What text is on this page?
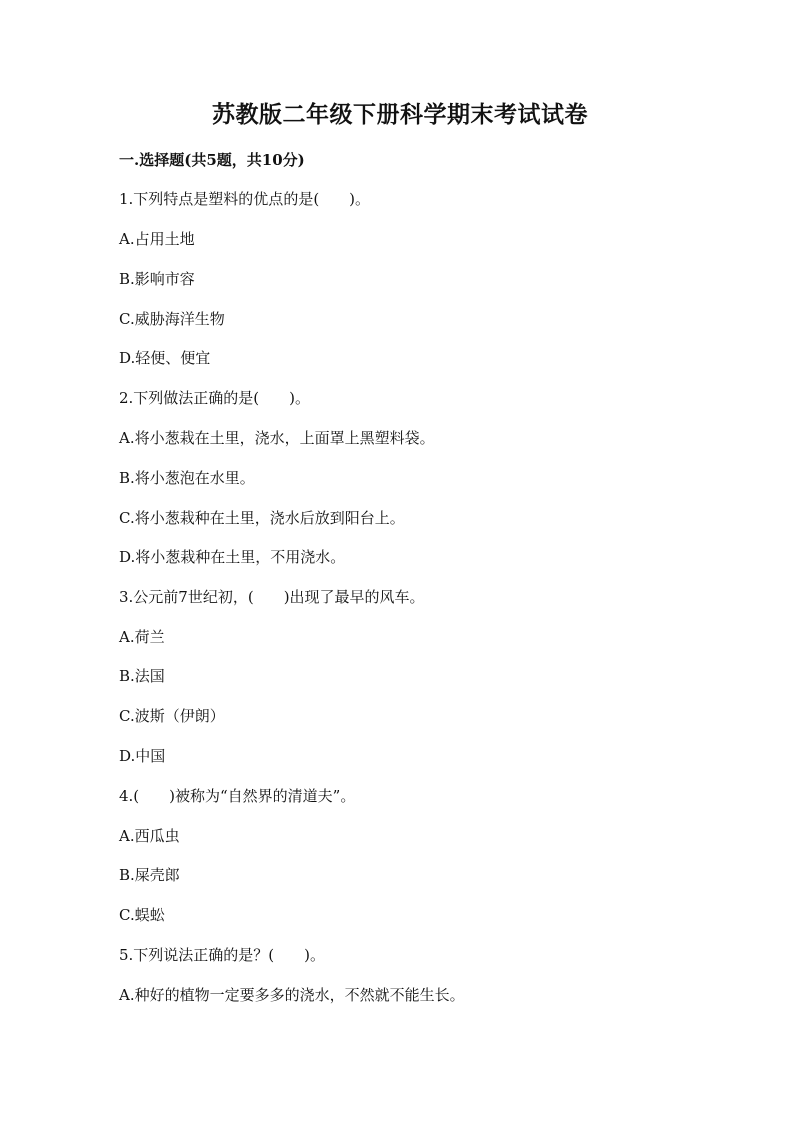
苏教版二年级下册科学期末考试试卷
一.选择题(共5题，共10分)
1.下列特点是塑料的优点的是(　　)。
A.占用土地
B.影响市容
C.威胁海洋生物
D.轻便、便宜
2.下列做法正确的是(　　)。
A.将小葱栽在土里，浇水，上面罩上黑塑料袋。
B.将小葱泡在水里。
C.将小葱栽种在土里，浇水后放到阳台上。
D.将小葱栽种在土里，不用浇水。
3.公元前7世纪初，(　　)出现了最早的风车。
A.荷兰
B.法国
C.波斯（伊朗）
D.中国
4.(　　)被称为“自然界的清道夫”。
A.西瓜虫
B.屎壳郎
C.蜈蚣
5.下列说法正确的是？(　　)。
A.种好的植物一定要多多的浇水，不然就不能生长。
